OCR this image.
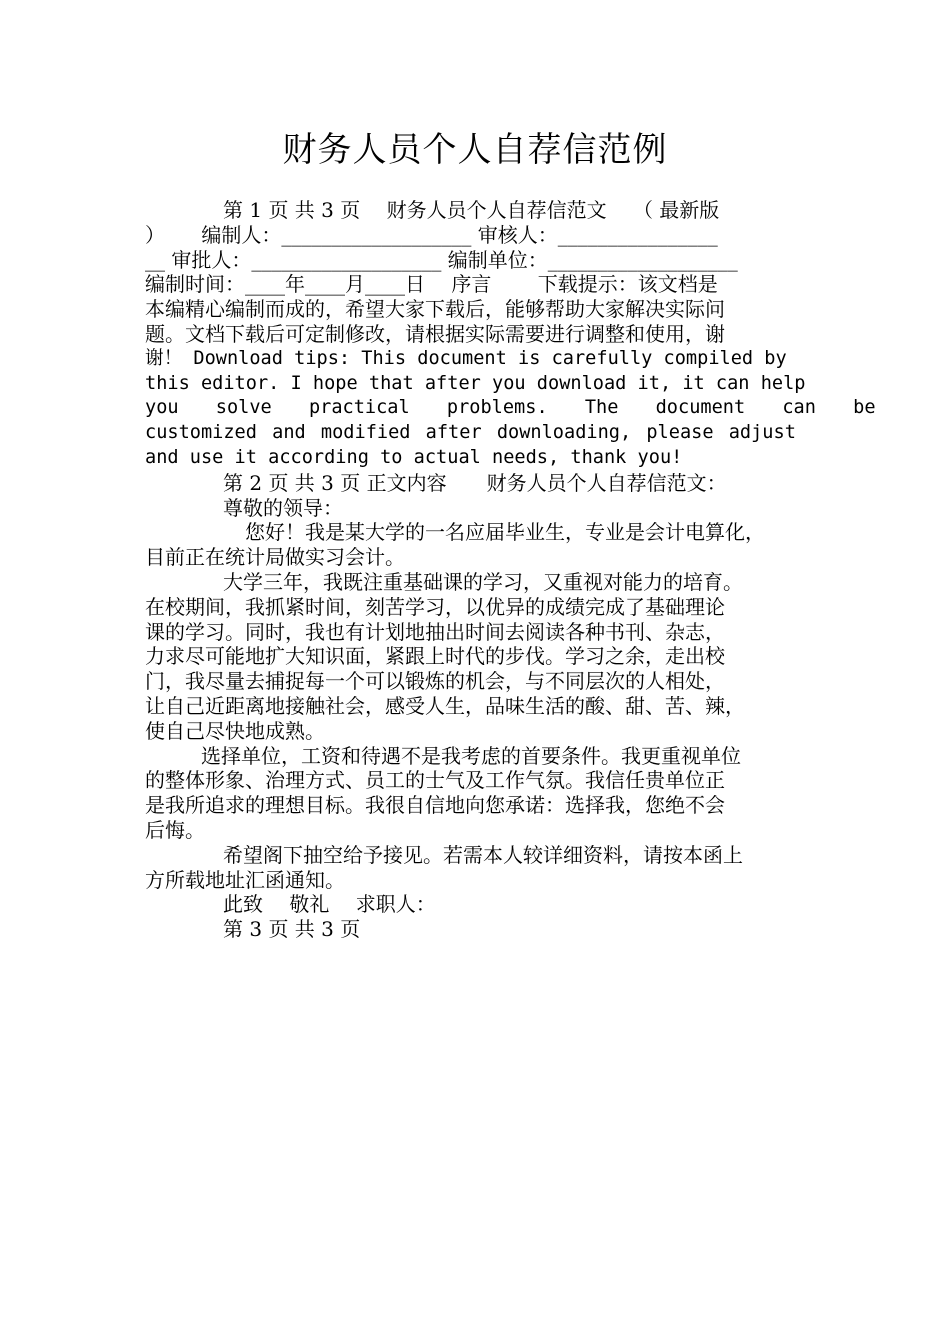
财务人员个人自荐信范例
第 1 页 共 3 页　 财务人员个人自荐信范文　 （ 最新版
）　 　编制人：___________________ 审核人：________________
__ 审批人：___________________ 编制单位：___________________
编制时间：____年____月____日　 序言　　 下载提示：该文档是
本编精心编制而成的，希望大家下载后，能够帮助大家解决实际问
题。文档下载后可定制修改，请根据实际需要进行调整和使用，谢
谢！ Download tips: This document is carefully compiled by
this editor. I hope that after you download it, it can help
you solve practical problems. The document can be
customized and modified after downloading, please adjust
and use it according to actual needs, thank you!
第 2 页 共 3 页 正文内容　　财务人员个人自荐信范文：
尊敬的领导：
您好！我是某大学的一名应届毕业生，专业是会计电算化，
目前正在统计局做实习会计。
大学三年，我既注重基础课的学习，又重视对能力的培育。
在校期间，我抓紧时间，刻苦学习，以优异的成绩完成了基础理论
课的学习。同时，我也有计划地抽出时间去阅读各种书刊、杂志，
力求尽可能地扩大知识面，紧跟上时代的步伐。学习之余，走出校
门，我尽量去捕捉每一个可以锻炼的机会，与不同层次的人相处，
让自己近距离地接触社会，感受人生，品味生活的酸、甜、苦、辣，
使自己尽快地成熟。
选择单位，工资和待遇不是我考虑的首要条件。我更重视单位
的整体形象、治理方式、员工的士气及工作气氛。我信任贵单位正
是我所追求的理想目标。我很自信地向您承诺：选择我，您绝不会
后悔。
希望阁下抽空给予接见。若需本人较详细资料，请按本函上
方所载地址汇函通知。
此致　 敬礼　 求职人：
第 3 页 共 3 页
